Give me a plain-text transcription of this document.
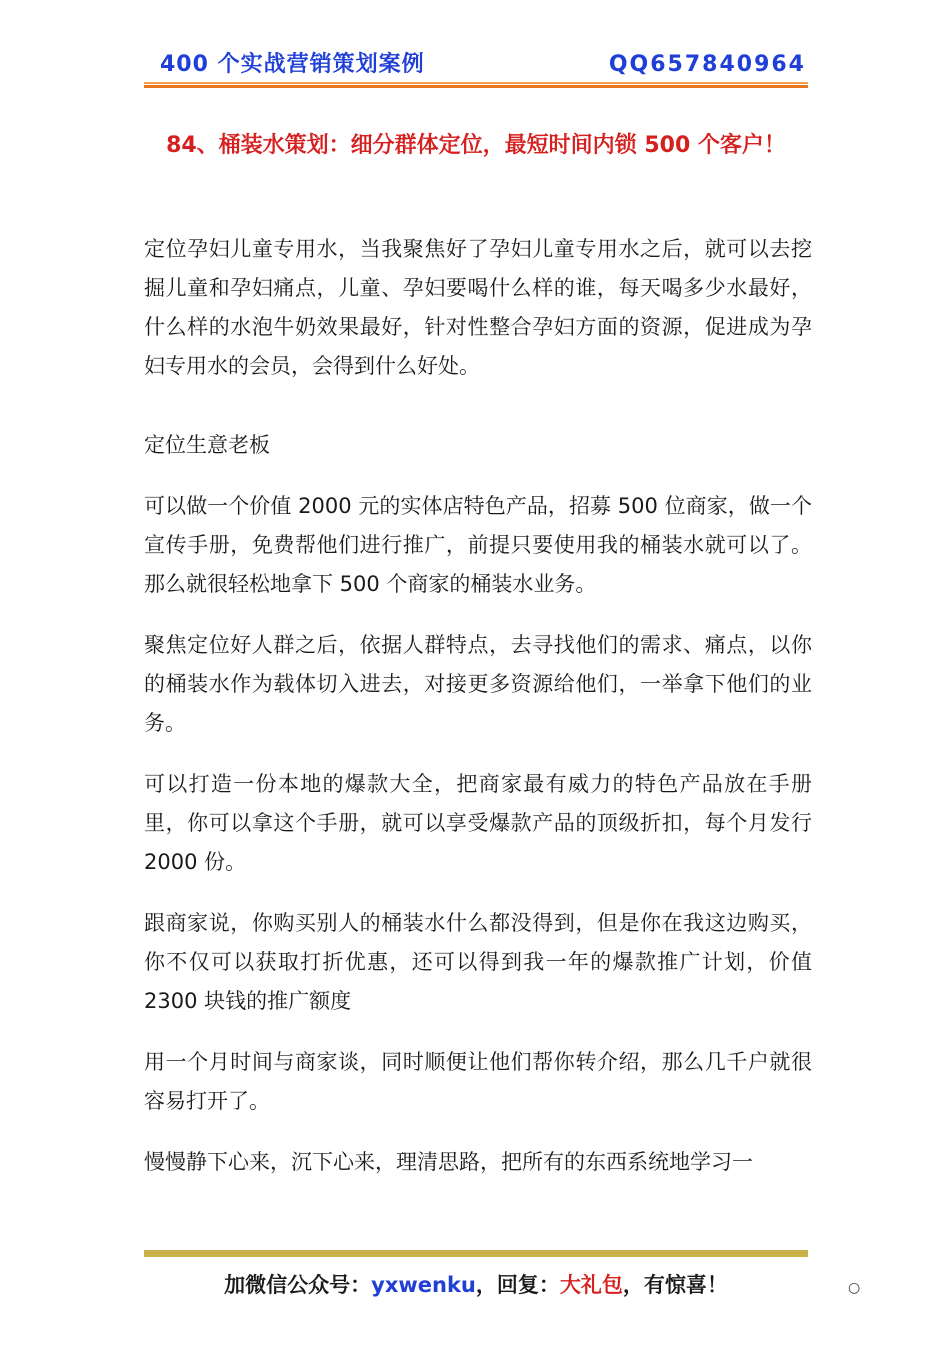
400 个实战营销策划案例	QQ657840964
84、桶装水策划：细分群体定位，最短时间内锁 500 个客户！

定位孕妇儿童专用水，当我聚焦好了孕妇儿童专用水之后，就可以去挖掘儿童和孕妇痛点，儿童、孕妇要喝什么样的谁，每天喝多少水最好，什么样的水泡牛奶效果最好，针对性整合孕妇方面的资源，促进成为孕妇专用水的会员，会得到什么好处。

定位生意老板

可以做一个价值 2000 元的实体店特色产品，招募 500 位商家，做一个宣传手册，免费帮他们进行推广，前提只要使用我的桶装水就可以了。那么就很轻松地拿下 500 个商家的桶装水业务。

聚焦定位好人群之后，依据人群特点，去寻找他们的需求、痛点，以你的桶装水作为载体切入进去，对接更多资源给他们，一举拿下他们的业务。

可以打造一份本地的爆款大全，把商家最有威力的特色产品放在手册里，你可以拿这个手册，就可以享受爆款产品的顶级折扣，每个月发行 2000 份。

跟商家说，你购买别人的桶装水什么都没得到，但是你在我这边购买，你不仅可以获取打折优惠，还可以得到我一年的爆款推广计划，价值 2300 块钱的推广额度

用一个月时间与商家谈，同时顺便让他们帮你转介绍，那么几千户就很容易打开了。

慢慢静下心来，沉下心来，理清思路，把所有的东西系统地学习一

加微信公众号：yxwenku，回复：大礼包，有惊喜！	○
